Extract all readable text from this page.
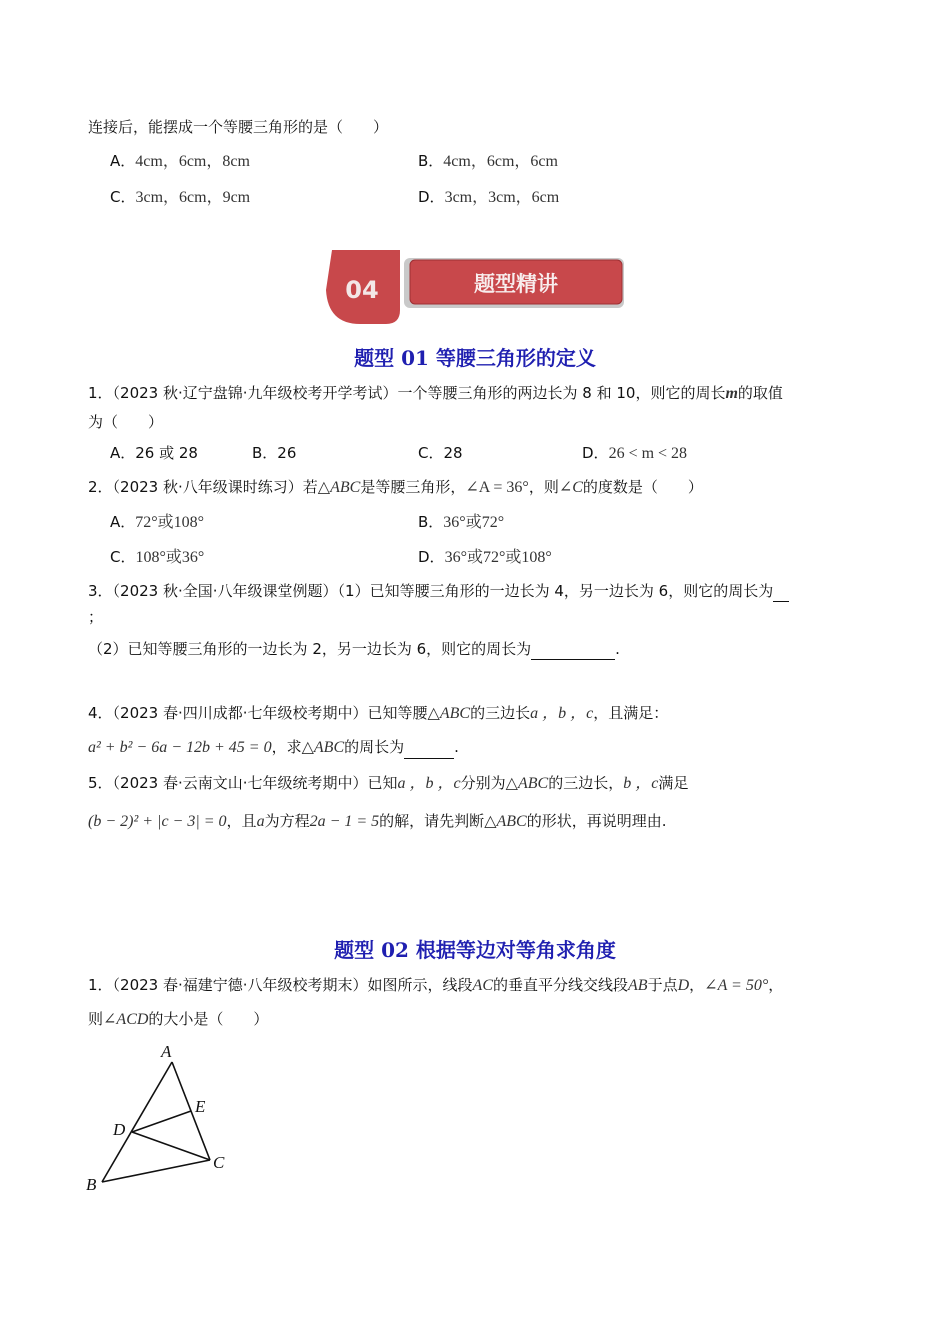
连接后，能摆成一个等腰三角形的是（　　）
A．4cm，6cm，8cm	B．4cm，6cm，6cm
C．3cm，6cm，9cm	D．3cm，3cm，6cm
04	题型精讲
题型 01 等腰三角形的定义
1．（2023 秋·辽宁盘锦·九年级校考开学考试）一个等腰三角形的两边长为 8 和 10，则它的周长m的取值
为（　　）
A．26 或 28	B．26	C．28	D．26 < m < 28
2．（2023 秋·八年级课时练习）若△ABC是等腰三角形，∠A = 36°，则∠C的度数是（　　）
A．72°或108°	B．36°或72°
C．108°或36°	D．36°或72°或108°
3．（2023 秋·全国·八年级课堂例题）（1）已知等腰三角形的一边长为 4，另一边长为 6，则它的周长为
；
（2）已知等腰三角形的一边长为 2，另一边长为 6，则它的周长为	.
4．（2023 春·四川成都·七年级校考期中）已知等腰△ABC的三边长a ，b ，c，且满足：
a² + b² − 6a − 12b + 45 = 0，求△ABC的周长为	.
5．（2023 春·云南文山·七年级统考期中）已知a ，b ，c分别为△ABC的三边长，b ，c满足
(b − 2)² + |c − 3| = 0，且a为方程2a − 1 = 5的解，请先判断△ABC的形状，再说明理由.
题型 02 根据等边对等角求角度
1．（2023 春·福建宁德·八年级校考期末）如图所示，线段AC的垂直平分线交线段AB于点D，∠A = 50°，
则∠ACD的大小是（　　）
A
E
D
C
B
